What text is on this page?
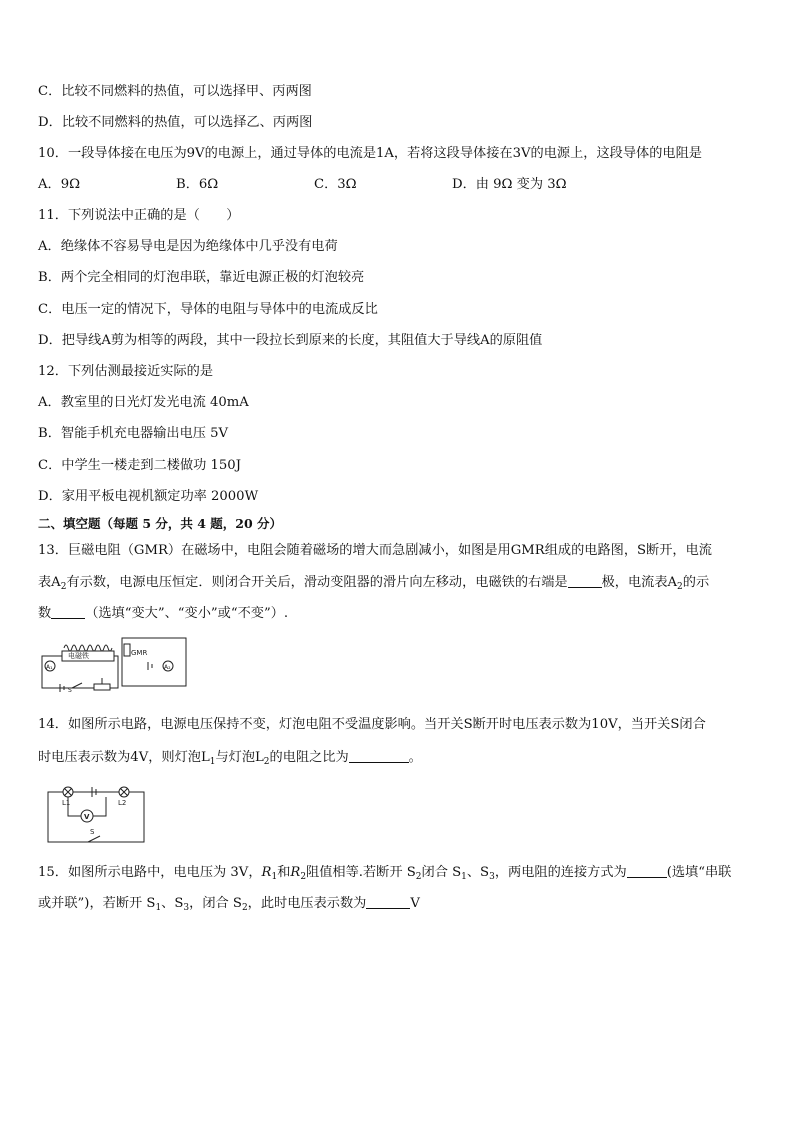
C．比较不同燃料的热值，可以选择甲、丙两图
D．比较不同燃料的热值，可以选择乙、丙两图
10．一段导体接在电压为9V的电源上，通过导体的电流是1A，若将这段导体接在3V的电源上，这段导体的电阻是
A．9Ω	B．6Ω	C．3Ω	D．由 9Ω 变为 3Ω
11．下列说法中正确的是（　　）
A．绝缘体不容易导电是因为绝缘体中几乎没有电荷
B．两个完全相同的灯泡串联，靠近电源正极的灯泡较亮
C．电压一定的情况下，导体的电阻与导体中的电流成反比
D．把导线A剪为相等的两段，其中一段拉长到原来的长度，其阻值大于导线A的原阻值
12．下列估测最接近实际的是
A．教室里的日光灯发光电流 40mA
B．智能手机充电器输出电压 5V
C．中学生一楼走到二楼做功 150J
D．家用平板电视机额定功率 2000W
二、填空题（每题 5 分，共 4 题，20 分）
13．巨磁电阻（GMR）在磁场中，电阻会随着磁场的增大而急剧减小，如图是用GMR组成的电路图，S断开，电流
表$A_2$有示数，电源电压恒定．则闭合开关后，滑动变阻器的滑片向左移动，电磁铁的右端是	极，电流表$A_2$的示
数	（选填“变大”、“变小”或“不变”）.
电磁铁	GMR
A₁	A₂
S
14．如图所示电路，电源电压保持不变，灯泡电阻不受温度影响。当开关S断开时电压表示数为10V，当开关S闭合
时电压表示数为4V，则灯泡$L_1$与灯泡$L_2$的电阻之比为	。
L1	L2
V
S
15．如图所示电路中，电电压为 3V，$R_1$和$R_2$阻值相等.若断开 $S_2$闭合 $S_1$、$S_3$，两电阻的连接方式为	(选填“串联
或并联”)，若断开 $S_1$、$S_3$，闭合 $S_2$，此时电压表示数为	V
